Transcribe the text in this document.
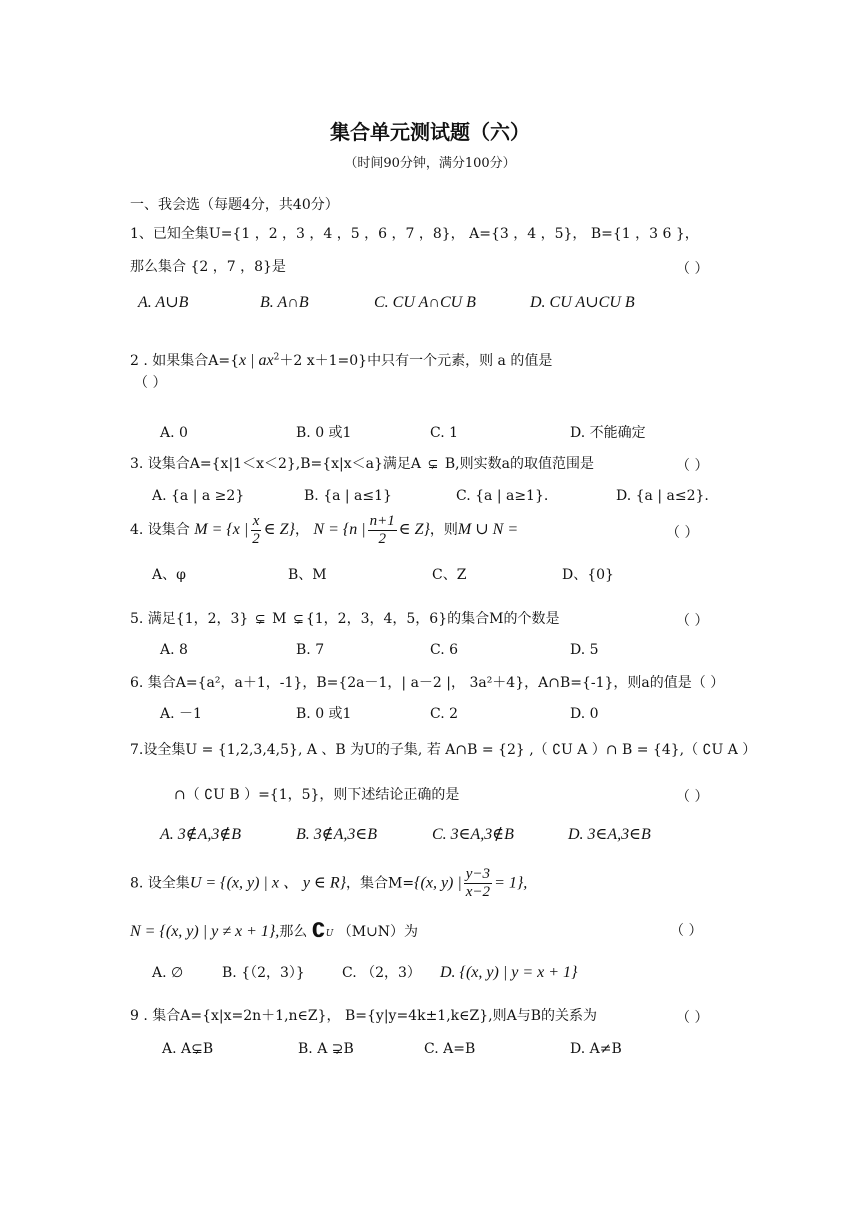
集合单元测试题（六）
（时间90分钟，满分100分）
一、我会选（每题4分，共40分）
1、已知全集U={1 ，2 ，3 ，4 ，5 ，6 ，7 ，8}， A={3 ，4 ，5}， B={1 ，3 6 }，
那么集合 {2 ，7 ，8}是	（ ）
A. A∪B	B. A∩B	C. CU A∩CU B	D. CU A∪CU B
2 . 如果集合A={x | $ax^2+2$ x＋1=0}中只有一个元素，则 a 的值是
（ ）
A. 0	B. 0 或1	C. 1	D. 不能确定
3. 设集合A={x|1＜x＜2},B={x|x＜a}满足A ⊊ B,则实数a的取值范围是	（ ）
A. {a | a ≥2}	B. {a | a≤1}	C. {a | a≥1}.	D. {a | a≤2}.
4. 设集合 M = {x | $\frac{x}{2}$ ∈ Z}， N = {n | $\frac{n+1}{2}$ ∈ Z}，则M ∪ N =	（ ）
A、φ	B、M	C、Z	D、{0}
5. 满足{1，2，3} ⊊ M ⊊ {1，2，3，4，5，6}的集合M的个数是	（ ）
A. 8	B. 7	C. 6	D. 5
6. 集合A={a²，a＋1，-1}，B={2a－1，| a－2 |， 3a²＋4}，A∩B={-1}，则a的值是（ ）
A. －1	B. 0 或1	C. 2	D. 0
7.设全集U = {1,2,3,4,5}, A 、B 为U的子集, 若 A∩B = {2} ,（ ∁U A ）∩ B = {4},（ ∁U A ）
∩（ ∁U B ）={1，5}，则下述结论正确的是	（ ）
A. 3∉A,3∉B	B. 3∉A,3∈B	C. 3∈A,3∉B	D. 3∈A,3∈B
8. 设全集U = {(x, y) | x 、 y ∈ R}，集合M={(x, y) | $\frac{y-3}{x-2} = 1$},
N = {(x, y) | y ≠ x + 1},那么 ∁U （M∪N）为	（ ）
A. ∅	B. {（2，3）}	C. （2，3） D. {(x, y) | y = x + 1}
9 . 集合A={x|x=2n＋1,n∈Z}， B={y|y=4k±1,k∈Z},则A与B的关系为	（ ）
A. A⊊B	B. A ⊋B	C. A=B	D. A≠B
